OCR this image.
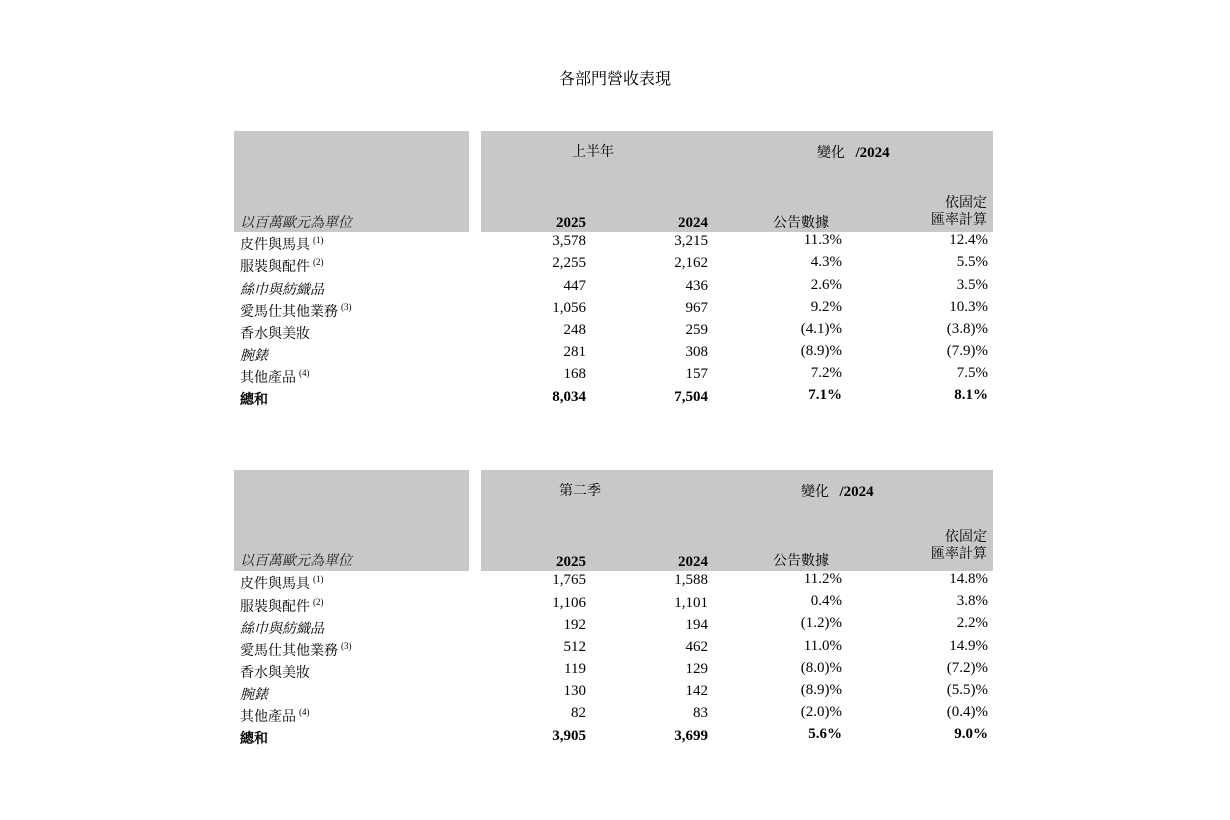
各部門營收表現
上半年	變化 /2024
依固定
匯率計算
以百萬歐元為單位	2025	2024	公告數據
皮件與馬具 $^{(1)}$	3,578	3,215	11.3%	12.4%
服裝與配件 $^{(2)}$	2,255	2,162	4.3%	5.5%
絲巾與紡織品	447	436	2.6%	3.5%
愛馬仕其他業務 $^{(3)}$	1,056	967	9.2%	10.3%
香水與美妝	248	259	(4.1)%	(3.8)%
腕錶	281	308	(8.9)%	(7.9)%
其他產品 $^{(4)}$	168	157	7.2%	7.5%
總和	8,034	7,504	7.1%	8.1%
第二季	變化 /2024
依固定
匯率計算
以百萬歐元為單位	2025	2024	公告數據
皮件與馬具 $^{(1)}$	1,765	1,588	11.2%	14.8%
服裝與配件 $^{(2)}$	1,106	1,101	0.4%	3.8%
絲巾與紡織品	192	194	(1.2)%	2.2%
愛馬仕其他業務 $^{(3)}$	512	462	11.0%	14.9%
香水與美妝	119	129	(8.0)%	(7.2)%
腕錶	130	142	(8.9)%	(5.5)%
其他產品 $^{(4)}$	82	83	(2.0)%	(0.4)%
總和	3,905	3,699	5.6%	9.0%
